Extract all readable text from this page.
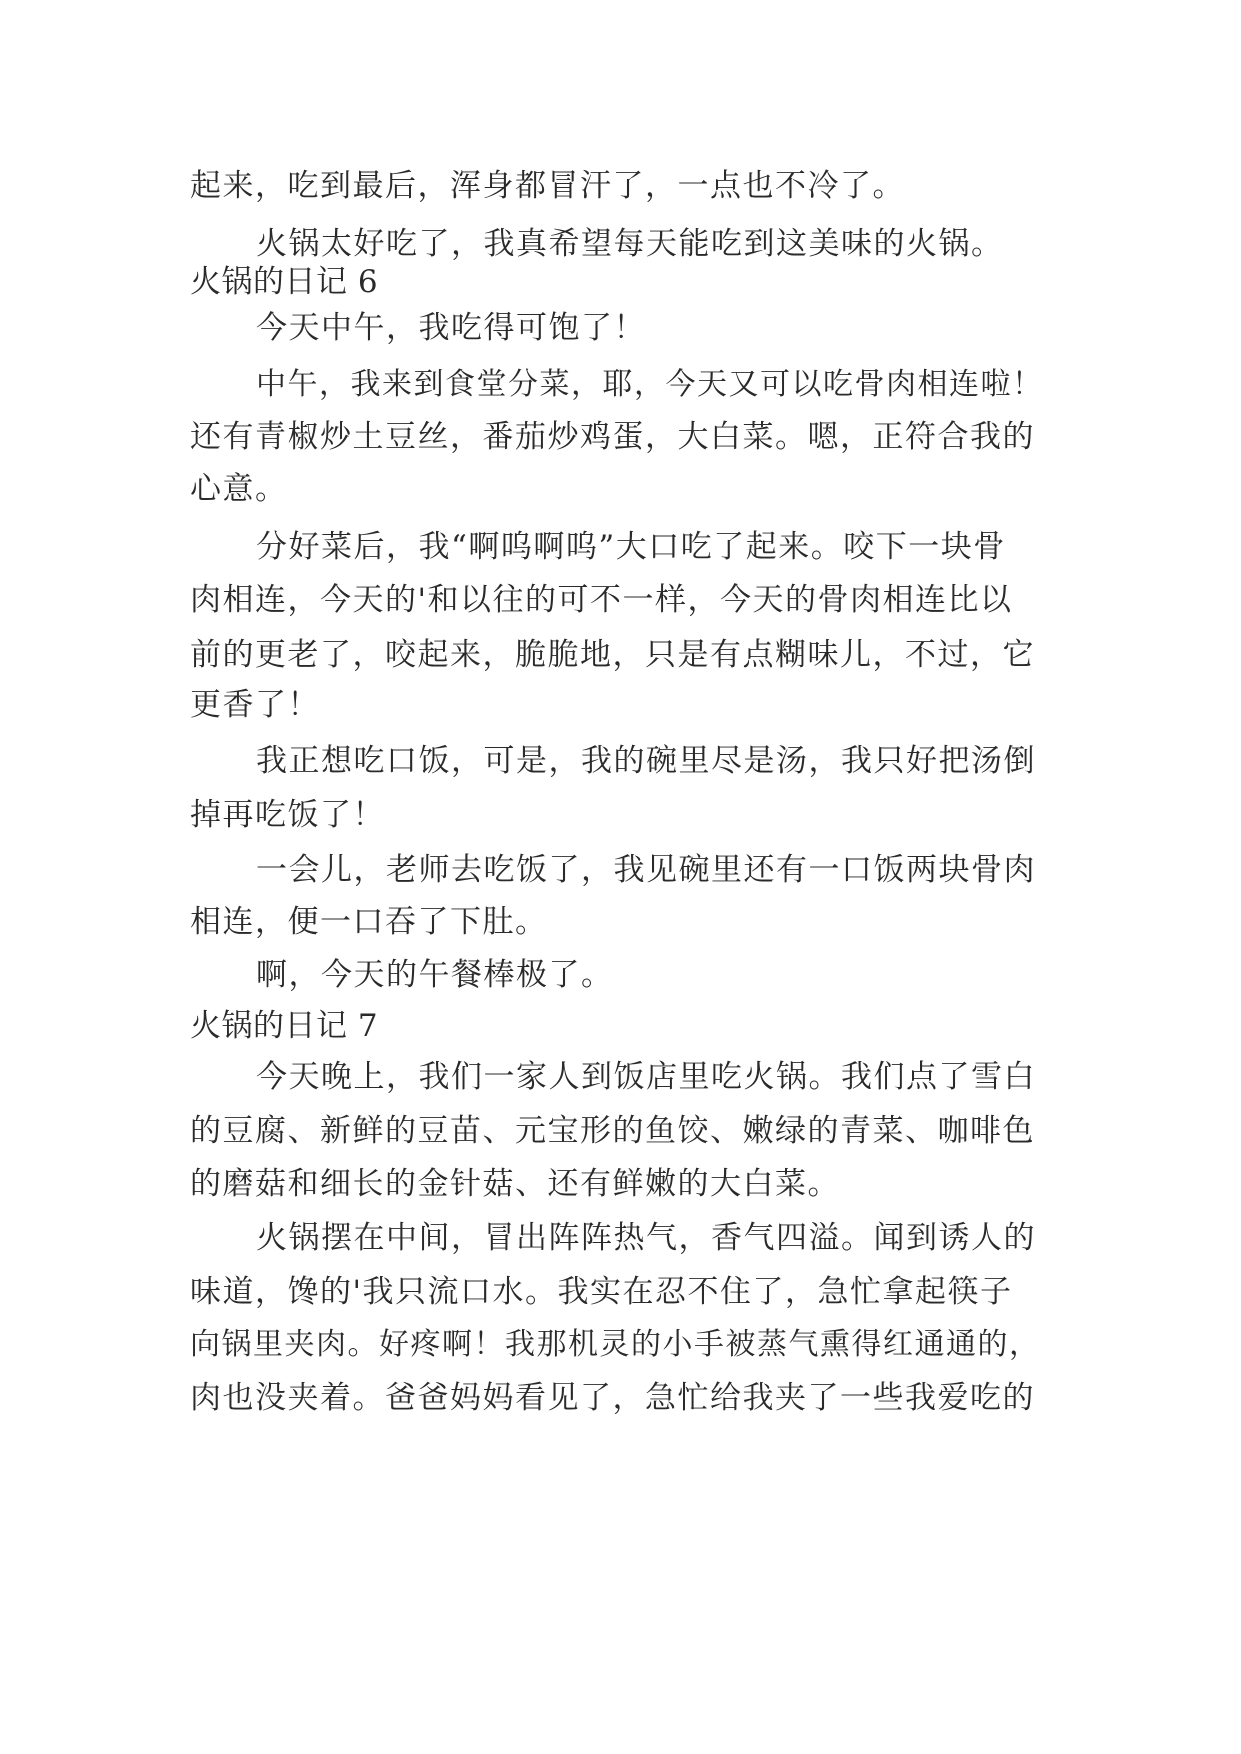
起来，吃到最后，浑身都冒汗了，一点也不冷了。
火锅太好吃了，我真希望每天能吃到这美味的火锅。
火锅的日记 6
今天中午，我吃得可饱了！
中午，我来到食堂分菜，耶，今天又可以吃骨肉相连啦！
还有青椒炒土豆丝，番茄炒鸡蛋，大白菜。嗯，正符合我的
心意。
分好菜后，我“啊呜啊呜”大口吃了起来。咬下一块骨
肉相连，今天的'和以往的可不一样，今天的骨肉相连比以
前的更老了，咬起来，脆脆地，只是有点糊味儿，不过，它
更香了！
我正想吃口饭，可是，我的碗里尽是汤，我只好把汤倒
掉再吃饭了！
一会儿，老师去吃饭了，我见碗里还有一口饭两块骨肉
相连，便一口吞了下肚。
啊，今天的午餐棒极了。
火锅的日记 7
今天晚上，我们一家人到饭店里吃火锅。我们点了雪白
的豆腐、新鲜的豆苗、元宝形的鱼饺、嫩绿的青菜、咖啡色
的磨菇和细长的金针菇、还有鲜嫩的大白菜。
火锅摆在中间，冒出阵阵热气，香气四溢。闻到诱人的
味道，馋的'我只流口水。我实在忍不住了，急忙拿起筷子
向锅里夹肉。好疼啊！我那机灵的小手被蒸气熏得红通通的，
肉也没夹着。爸爸妈妈看见了，急忙给我夹了一些我爱吃的
